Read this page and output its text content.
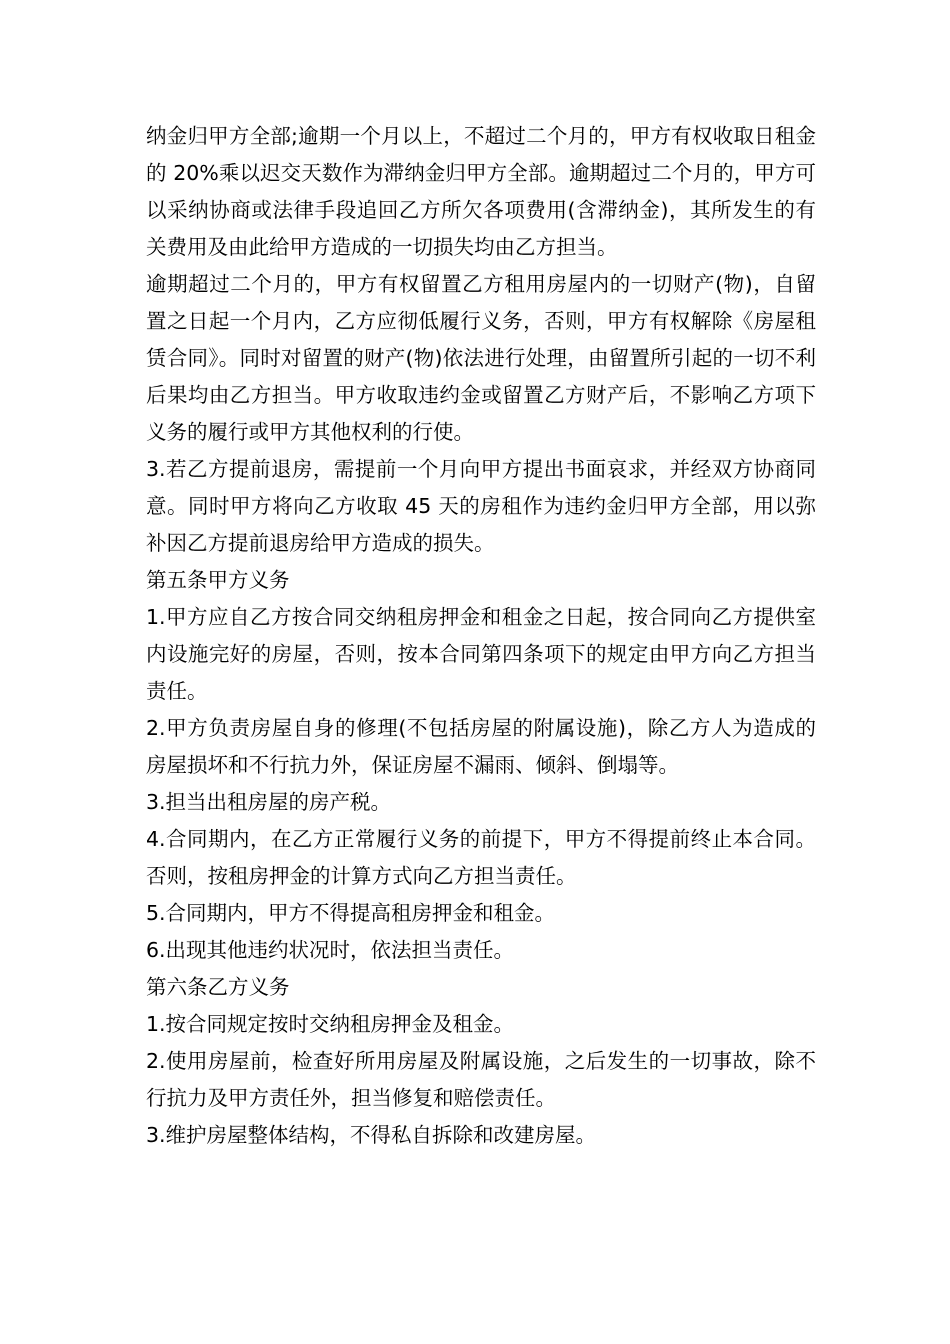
纳金归甲方全部;逾期一个月以上，不超过二个月的，甲方有权收取日租金的 20%乘以迟交天数作为滞纳金归甲方全部。逾期超过二个月的，甲方可以采纳协商或法律手段追回乙方所欠各项费用(含滞纳金)，其所发生的有关费用及由此给甲方造成的一切损失均由乙方担当。

逾期超过二个月的，甲方有权留置乙方租用房屋内的一切财产(物)，自留置之日起一个月内，乙方应彻低履行义务，否则，甲方有权解除《房屋租赁合同》。同时对留置的财产(物)依法进行处理，由留置所引起的一切不利后果均由乙方担当。甲方收取违约金或留置乙方财产后，不影响乙方项下义务的履行或甲方其他权利的行使。

3.若乙方提前退房，需提前一个月向甲方提出书面哀求，并经双方协商同意。同时甲方将向乙方收取 45 天的房租作为违约金归甲方全部，用以弥补因乙方提前退房给甲方造成的损失。

第五条甲方义务

1.甲方应自乙方按合同交纳租房押金和租金之日起，按合同向乙方提供室内设施完好的房屋，否则，按本合同第四条项下的规定由甲方向乙方担当责任。

2.甲方负责房屋自身的修理(不包括房屋的附属设施)，除乙方人为造成的房屋损坏和不行抗力外，保证房屋不漏雨、倾斜、倒塌等。

3.担当出租房屋的房产税。

4.合同期内，在乙方正常履行义务的前提下，甲方不得提前终止本合同。否则，按租房押金的计算方式向乙方担当责任。

5.合同期内，甲方不得提高租房押金和租金。

6.出现其他违约状况时，依法担当责任。

第六条乙方义务

1.按合同规定按时交纳租房押金及租金。

2.使用房屋前，检查好所用房屋及附属设施，之后发生的一切事故，除不行抗力及甲方责任外，担当修复和赔偿责任。

3.维护房屋整体结构，不得私自拆除和改建房屋。
